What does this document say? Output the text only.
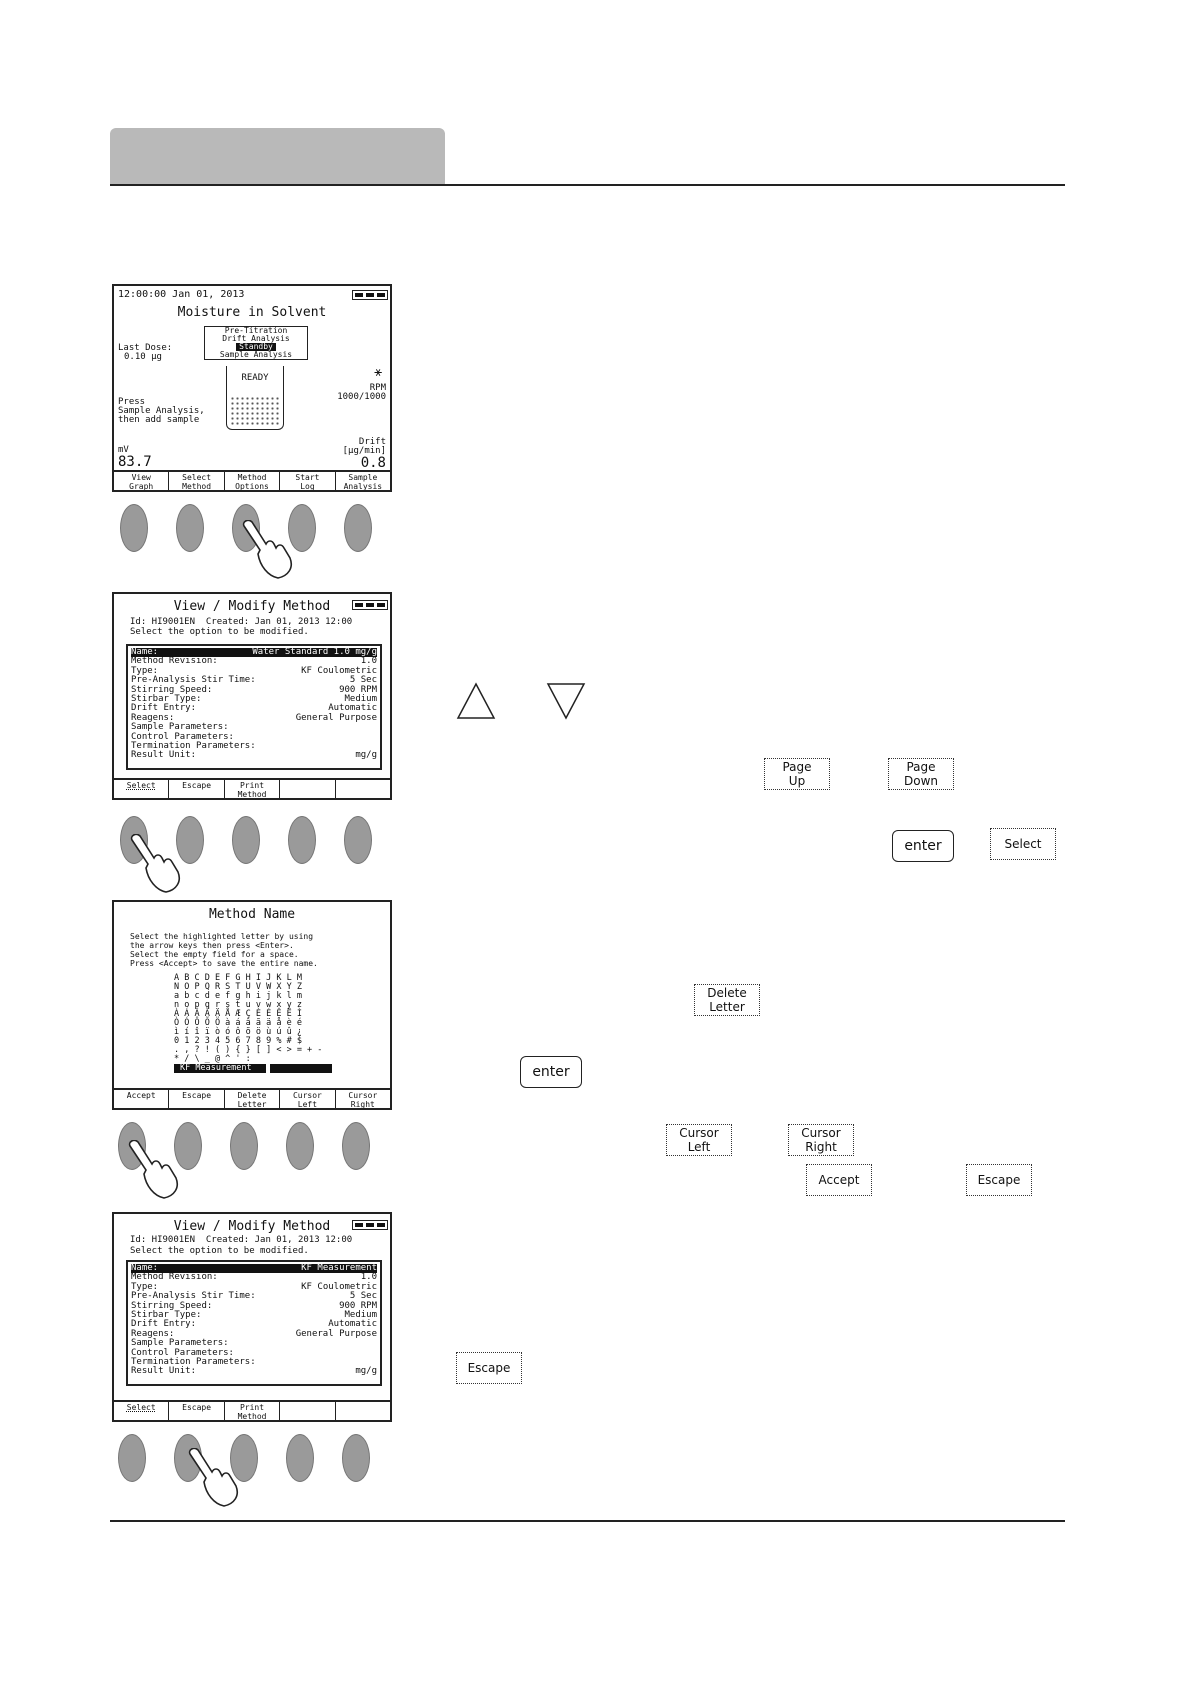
12:00:00 Jan 01, 2013
Moisture in Solvent
Pre-Titration
Drift Analysis
Standby
Sample Analysis
Last Dose:
0.10 µg
READY
Press
Sample Analysis,
then add sample
⚹
RPM
1000/1000
mV
83.7
Drift
[µg/min]
0.8
View
Graph
Select
Method
Method
Options
Start
Log
Sample
Analysis
View / Modify Method
Id: HI9001EN  Created: Jan 01, 2013 12:00
Select the option to be modified.
Name:	Water Standard 1.0 mg/g
Method Revision:	1.0
Type:	KF Coulometric
Pre-Analysis Stir Time:	5 Sec
Stirring Speed:	900 RPM
Stirbar Type:	Medium
Drift Entry:	Automatic
Reagens:	General Purpose
Sample Parameters:
Control Parameters:
Termination Parameters:
Result Unit:	mg/g
Select	Escape	Print
Method
Page
Up
Page
Down
enter	Select
Method Name
Select the highlighted letter by using
the arrow keys then press <Enter>.
Select the empty field for a space.
Press <Accept> to save the entire name.
A B C D E F G H I J K L M
N O P Q R S T U V W X Y Z
a b c d e f g h i j k l m
n o p q r s t u v w x y z
À Á Â Ã Ä Å Æ Ç È É Ê Ë Ì
Ò Ó Ô Õ Ö à á â ã ä å è é
ì í î ï ò ó ô õ ö ù ú û ¿
0 1 2 3 4 5 6 7 8 9 % # $
. , ? ! ( ) { } [ ] < > = + -
* / \ _ @ ^ ' :
KF Measurement
Accept	Escape	Delete
Letter
Cursor
Left
Cursor
Right
Delete
Letter
enter
Cursor
Left
Cursor
Right
Accept	Escape
View / Modify Method
Id: HI9001EN  Created: Jan 01, 2013 12:00
Select the option to be modified.
Name:	KF Measurement
Method Revision:	1.0
Type:	KF Coulometric
Pre-Analysis Stir Time:	5 Sec
Stirring Speed:	900 RPM
Stirbar Type:	Medium
Drift Entry:	Automatic
Reagens:	General Purpose
Sample Parameters:
Control Parameters:
Termination Parameters:
Result Unit:	mg/g
Select	Escape	Print
Method
Escape
